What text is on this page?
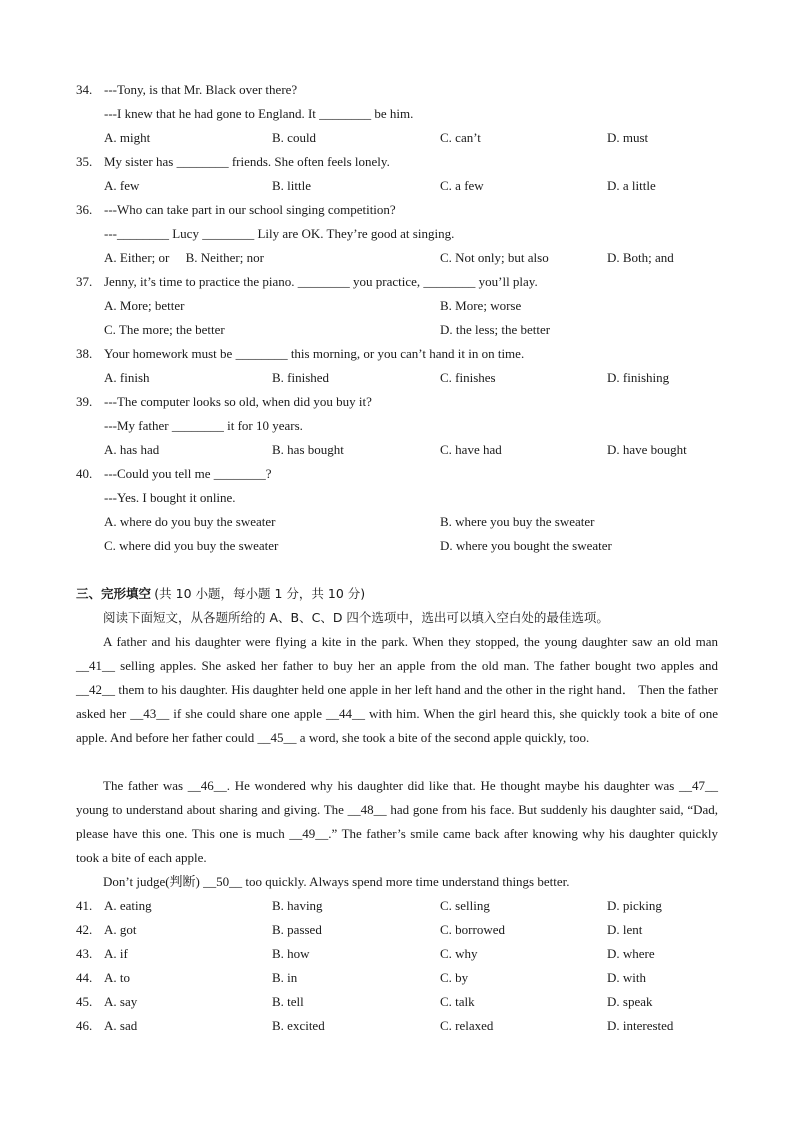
34. ---Tony, is that Mr. Black over there?
---I knew that he had gone to England. It ________ be him.
A. might	B. could	C. can’t	D. must
35. My sister has ________ friends. She often feels lonely.
A. few	B. little	C. a few	D. a little
36. ---Who can take part in our school singing competition?
---________ Lucy ________ Lily are OK. They’re good at singing.
A. Either; or     B. Neither; nor	C. Not only; but also	D. Both; and
37. Jenny, it’s time to practice the piano. ________ you practice, ________ you’ll play.
A. More; better	B. More; worse
C. The more; the better	D. the less; the better
38. Your homework must be ________ this morning, or you can’t hand it in on time.
A. finish	B. finished	C. finishes	D. finishing
39. ---The computer looks so old, when did you buy it?
---My father ________ it for 10 years.
A. has had	B. has bought	C. have had	D. have bought
40. ---Could you tell me ________?
---Yes. I bought it online.
A. where do you buy the sweater	B. where you buy the sweater
C. where did you buy the sweater	D. where you bought the sweater
三、完形填空 (共 10 小题，每小题 1 分，共 10 分)
阅读下面短文，从各题所给的 A、B、C、D 四个选项中，选出可以填入空白处的最佳选项。
A father and his daughter were flying a kite in the park. When they stopped, the young daughter saw an old man __41__ selling apples. She asked her father to buy her an apple from the old man. The father bought two apples and __42__ them to his daughter. His daughter held one apple in her left hand and the other in the right hand． Then the father asked her __43__ if she could share one apple __44__ with him. When the girl heard this, she quickly took a bite of one apple. And before her father could __45__ a word, she took a bite of the second apple quickly, too.
The father was __46__. He wondered why his daughter did like that. He thought maybe his daughter was __47__ young to understand about sharing and giving. The __48__ had gone from his face. But suddenly his daughter said, “Dad, please have this one. This one is much __49__.” The father’s smile came back after knowing why his daughter quickly took a bite of each apple.
Don’t judge(判断) __50__ too quickly. Always spend more time understand things better.
41. A. eating	B. having	C. selling	D. picking
42. A. got	B. passed	C. borrowed	D. lent
43. A. if	B. how	C. why	D. where
44. A. to	B. in	C. by	D. with
45. A. say	B. tell	C. talk	D. speak
46. A. sad	B. excited	C. relaxed	D. interested
